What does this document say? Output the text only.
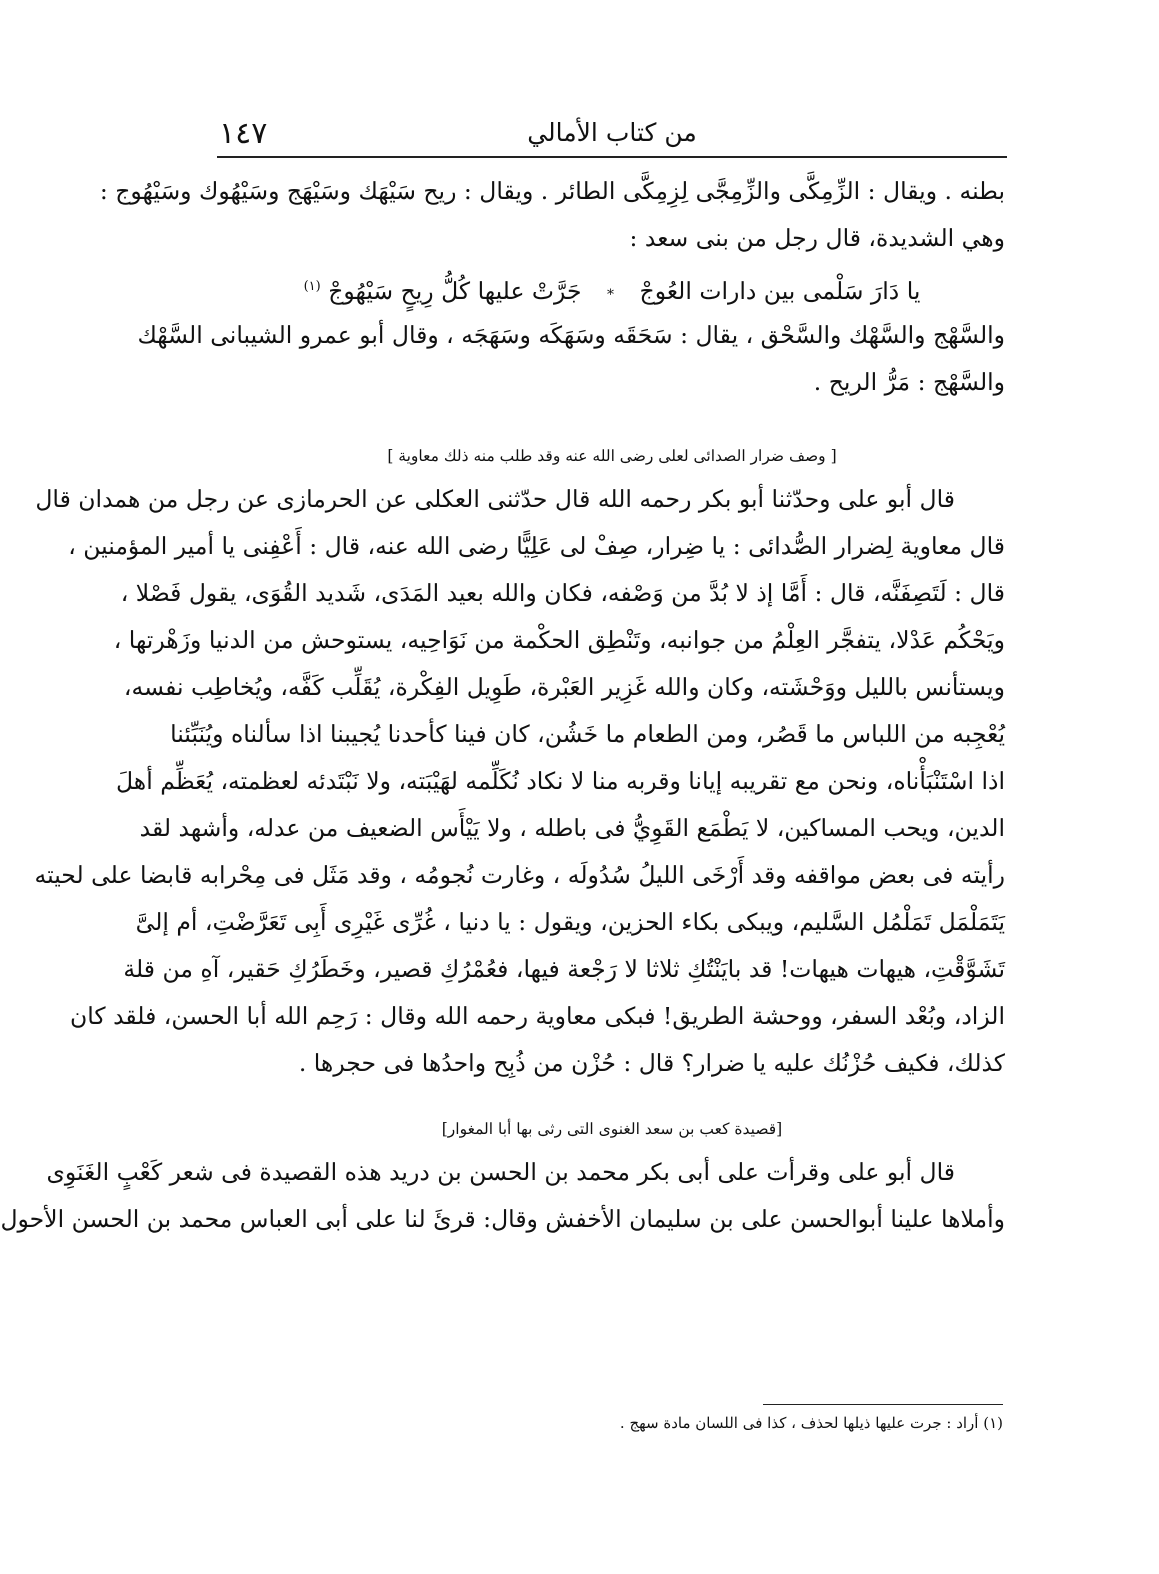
١٤٧	من كتاب الأمالي
بطنه . ويقال : الزِّمِكَّى والزِّمِجَّى لِزِمِكَّى الطائر . ويقال : ريح سَيْهَك وسَيْهَج وسَيْهُوك وسَيْهُوج :
وهي الشديدة، قال رجل من بنى سعد :
يا دَارَ سَلْمى بين دارات العُوجْ * جَرَّتْ عليها كُلُّ رِيحٍ سَيْهُوجْ $^{(١)}$
والسَّهْج والسَّهْك والسَّحْق ، يقال : سَحَقَه وسَهَكَه وسَهَجَه ، وقال أبو عمرو الشيبانى السَّهْك
والسَّهْج : مَرُّ الريح .
[ وصف ضرار الصدائى لعلى رضى الله عنه وقد طلب منه ذلك معاوية ]
قال أبو على وحدّثنا أبو بكر رحمه الله قال حدّثنى العكلى عن الحرمازى عن رجل من همدان قال
قال معاوية لِضرار الصُّدائى : يا ضِرار، صِفْ لى عَلِيًّا رضى الله عنه، قال : أَعْفِنى يا أمير المؤمنين ،
قال : لَتَصِفَنَّه، قال : أَمَّا إذ لا بُدَّ من وَصْفه، فكان والله بعيد المَدَى، شَديد القُوَى، يقول فَصْلا ،
ويَحْكُم عَدْلا، يتفجَّر العِلْمُ من جوانبه، وتَنْطِق الحكْمة من نَوَاحِيه، يستوحش من الدنيا وزَهْرتها ،
ويستأنس بالليل ووَحْشَته، وكان والله غَزِير العَبْرة، طَوِيل الفِكْرة، يُقَلِّب كَفَّه، ويُخاطِب نفسه،
يُعْجِبه من اللباس ما قَصُر، ومن الطعام ما خَشُن، كان فينا كأحدنا يُجيبنا اذا سألناه ويُنَبِّئنا
اذا اسْتَنْبَأْناه، ونحن مع تقريبه إيانا وقربه منا لا نكاد نُكَلِّمه لهَيْبَته، ولا نَبْتَدئه لعظمته، يُعَظِّم أهلَ
الدين، ويحب المساكين، لا يَطْمَع القَوِيُّ فى باطله ، ولا يَيْأَس الضعيف من عدله، وأشهد لقد
رأيته فى بعض مواقفه وقد أَرْخَى الليلُ سُدُولَه ، وغارت نُجومُه ، وقد مَثَل فى مِحْرابه قابضا على لحيته
يَتَمَلْمَل تَمَلْمُل السَّليم، ويبكى بكاء الحزين، ويقول : يا دنيا ، غُرِّى غَيْرِى أَبِى تَعَرَّضْتِ، أم إلىَّ
تَشَوَّقْتِ، هيهات هيهات! قد بايَنْتُكِ ثلاثا لا رَجْعة فيها، فعُمْرُكِ قصير، وخَطَرُكِ حَقير، آهِ من قلة
الزاد، وبُعْد السفر، ووحشة الطريق! فبكى معاوية رحمه الله وقال : رَحِم الله أبا الحسن، فلقد كان
كذلك، فكيف حُزْنُك عليه يا ضرار؟ قال : حُزْن من ذُبِح واحدُها فى حجرها .
[قصيدة كعب بن سعد الغنوى التى رثى بها أبا المغوار]
قال أبو على وقرأت على أبى بكر محمد بن الحسن بن دريد هذه القصيدة فى شعر كَعْبٍ الغَنَوِى
وأملاها علينا أبوالحسن على بن سليمان الأخفش وقال: قرئَ لنا على أبى العباس محمد بن الحسن الأحول
(١) أراد : جرت عليها ذيلها لحذف ، كذا فى اللسان مادة سهج .
